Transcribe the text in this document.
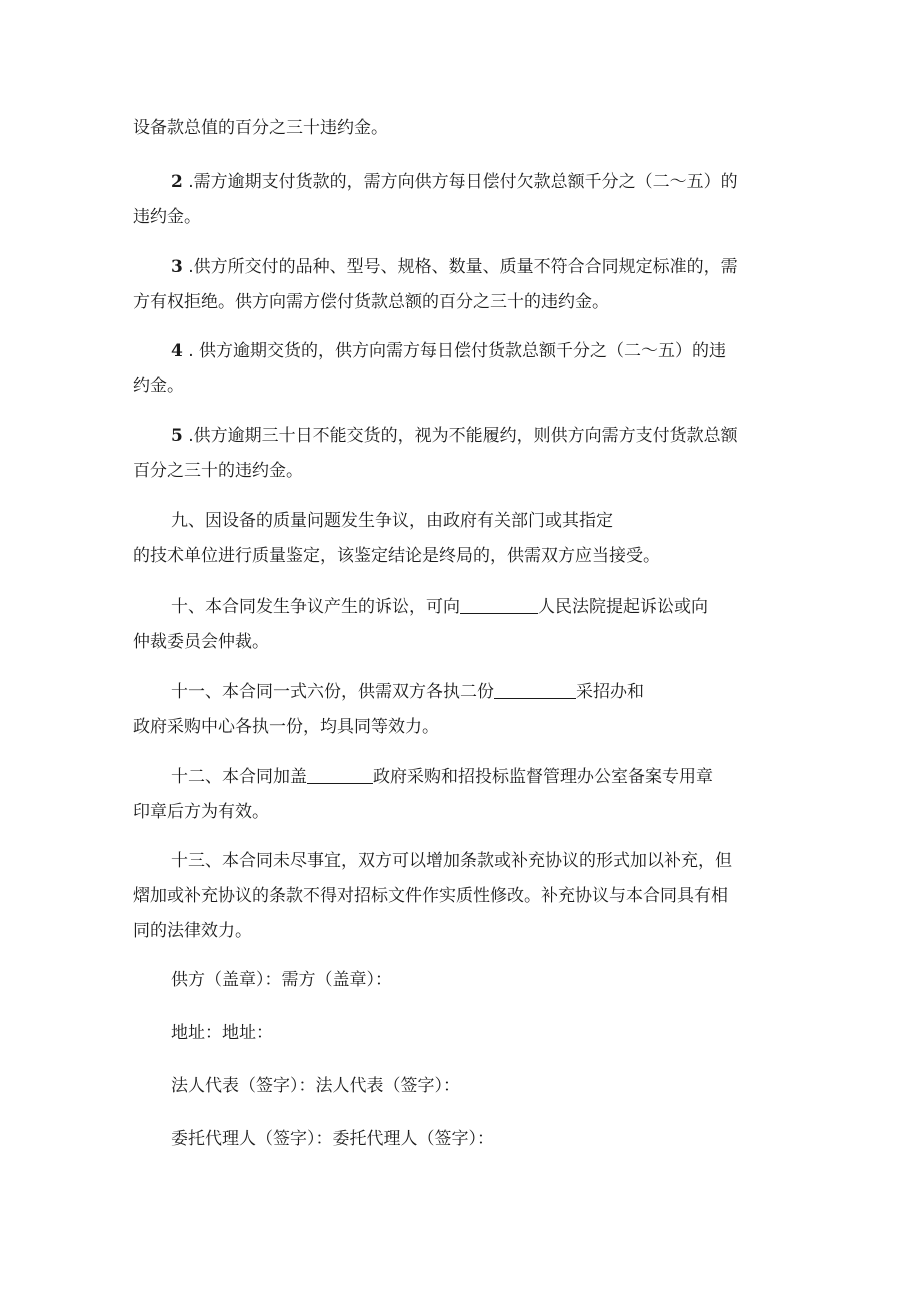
设备款总值的百分之三十违约金。
2 .需方逾期支付货款的，需方向供方每日偿付欠款总额千分之（二～五）的
违约金。
3 .供方所交付的品种、型号、规格、数量、质量不符合合同规定标准的，需
方有权拒绝。供方向需方偿付货款总额的百分之三十的违约金。
4 . 供方逾期交货的，供方向需方每日偿付货款总额千分之（二～五）的违
约金。
5 .供方逾期三十日不能交货的，视为不能履约，则供方向需方支付货款总额
百分之三十的违约金。
九、因设备的质量问题发生争议，由政府有关部门或其指定
的技术单位进行质量鉴定，该鉴定结论是终局的，供需双方应当接受。
十、本合同发生争议产生的诉讼，可向	人民法院提起诉讼或向
仲裁委员会仲裁。
十一、本合同一式六份，供需双方各执二份	采招办和
政府采购中心各执一份，均具同等效力。
十二、本合同加盖	政府采购和招投标监督管理办公室备案专用章
印章后方为有效。
十三、本合同未尽事宜，双方可以增加条款或补充协议的形式加以补充，但
熠加或补充协议的条款不得对招标文件作实质性修改。补充协议与本合同具有相
同的法律效力。
供方（盖章）：需方（盖章）：
地址：地址：
法人代表（签字）：法人代表（签字）：
委托代理人（签字）：委托代理人（签字）：
